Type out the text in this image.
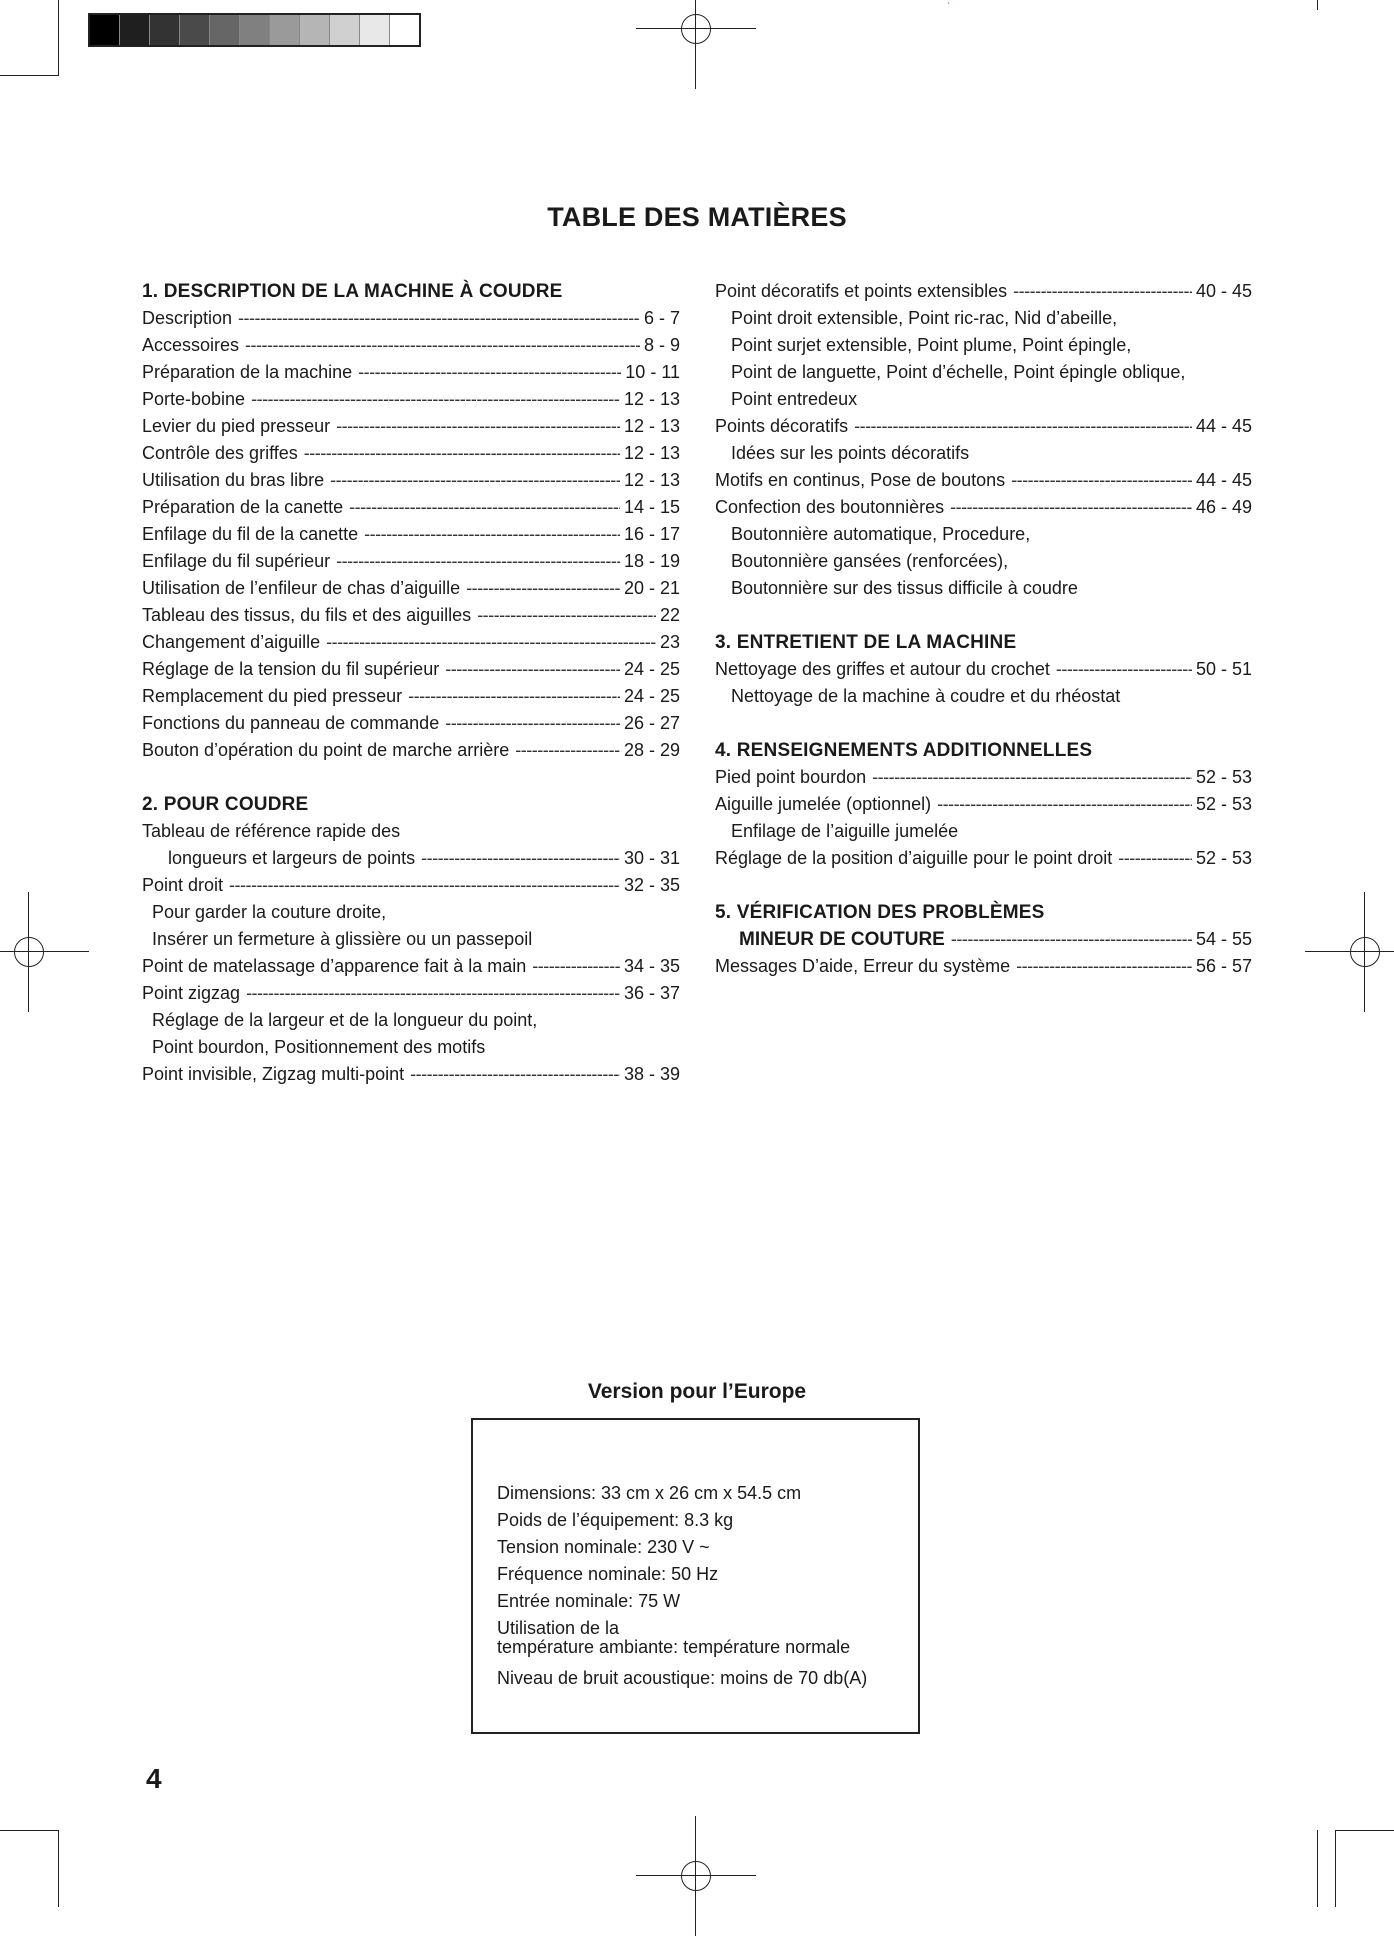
ˋ
TABLE DES MATIÈRES
1. DESCRIPTION DE LA MACHINE À COUDRE
Description -----	6 - 7
Accessoires -----	8 - 9
Préparation de la machine -----	10 - 11
Porte-bobine -----	12 - 13
Levier du pied presseur -----	12 - 13
Contrôle des griffes -----	12 - 13
Utilisation du bras libre -----	12 - 13
Préparation de la canette -----	14 - 15
Enfilage du fil de la canette -----	16 - 17
Enfilage du fil supérieur -----	18 - 19
Utilisation de l’enfileur de chas d’aiguille -----	20 - 21
Tableau des tissus, du fils et des aiguilles -----	22
Changement d’aiguille -----	23
Réglage de la tension du fil supérieur -----	24 - 25
Remplacement du pied presseur -----	24 - 25
Fonctions du panneau de commande -----	26 - 27
Bouton d’opération du point de marche arrière -----	28 - 29
2. POUR COUDRE
Tableau de référence rapide des
longueurs et largeurs de points -----	30 - 31
Point droit -----	32 - 35
Pour garder la couture droite,
Insérer un fermeture à glissière ou un passepoil
Point de matelassage d’apparence fait à la main -----	34 - 35
Point zigzag -----	36 - 37
Réglage de la largeur et de la longueur du point,
Point bourdon, Positionnement des motifs
Point invisible, Zigzag multi-point -----	38 - 39
Point décoratifs et points extensibles -----	40 - 45
Point droit extensible, Point ric-rac, Nid d’abeille,
Point surjet extensible, Point plume, Point épingle,
Point de languette, Point d’échelle, Point épingle oblique,
Point entredeux
Points décoratifs -----	44 - 45
Idées sur les points décoratifs
Motifs en continus, Pose de boutons -----	44 - 45
Confection des boutonnières -----	46 - 49
Boutonnière automatique, Procedure,
Boutonnière gansées (renforcées),
Boutonnière sur des tissus difficile à coudre
3. ENTRETIENT DE LA MACHINE
Nettoyage des griffes et autour du crochet -----	50 - 51
Nettoyage de la machine à coudre et du rhéostat
4. RENSEIGNEMENTS ADDITIONNELLES
Pied point bourdon -----	52 - 53
Aiguille jumelée (optionnel) -----	52 - 53
Enfilage de l’aiguille jumelée
Réglage de la position d’aiguille pour le point droit -----	52 - 53
5. VÉRIFICATION DES PROBLÈMES
MINEUR DE COUTURE -----	54 - 55
Messages D’aide, Erreur du système -----	56 - 57
Version pour l’Europe
Dimensions: 33 cm x 26 cm x 54.5 cm
Poids de l’équipement: 8.3 kg
Tension nominale: 230 V ~
Fréquence nominale: 50 Hz
Entrée nominale: 75 W
Utilisation de la
température ambiante: température normale
Niveau de bruit acoustique: moins de 70 db(A)
4
